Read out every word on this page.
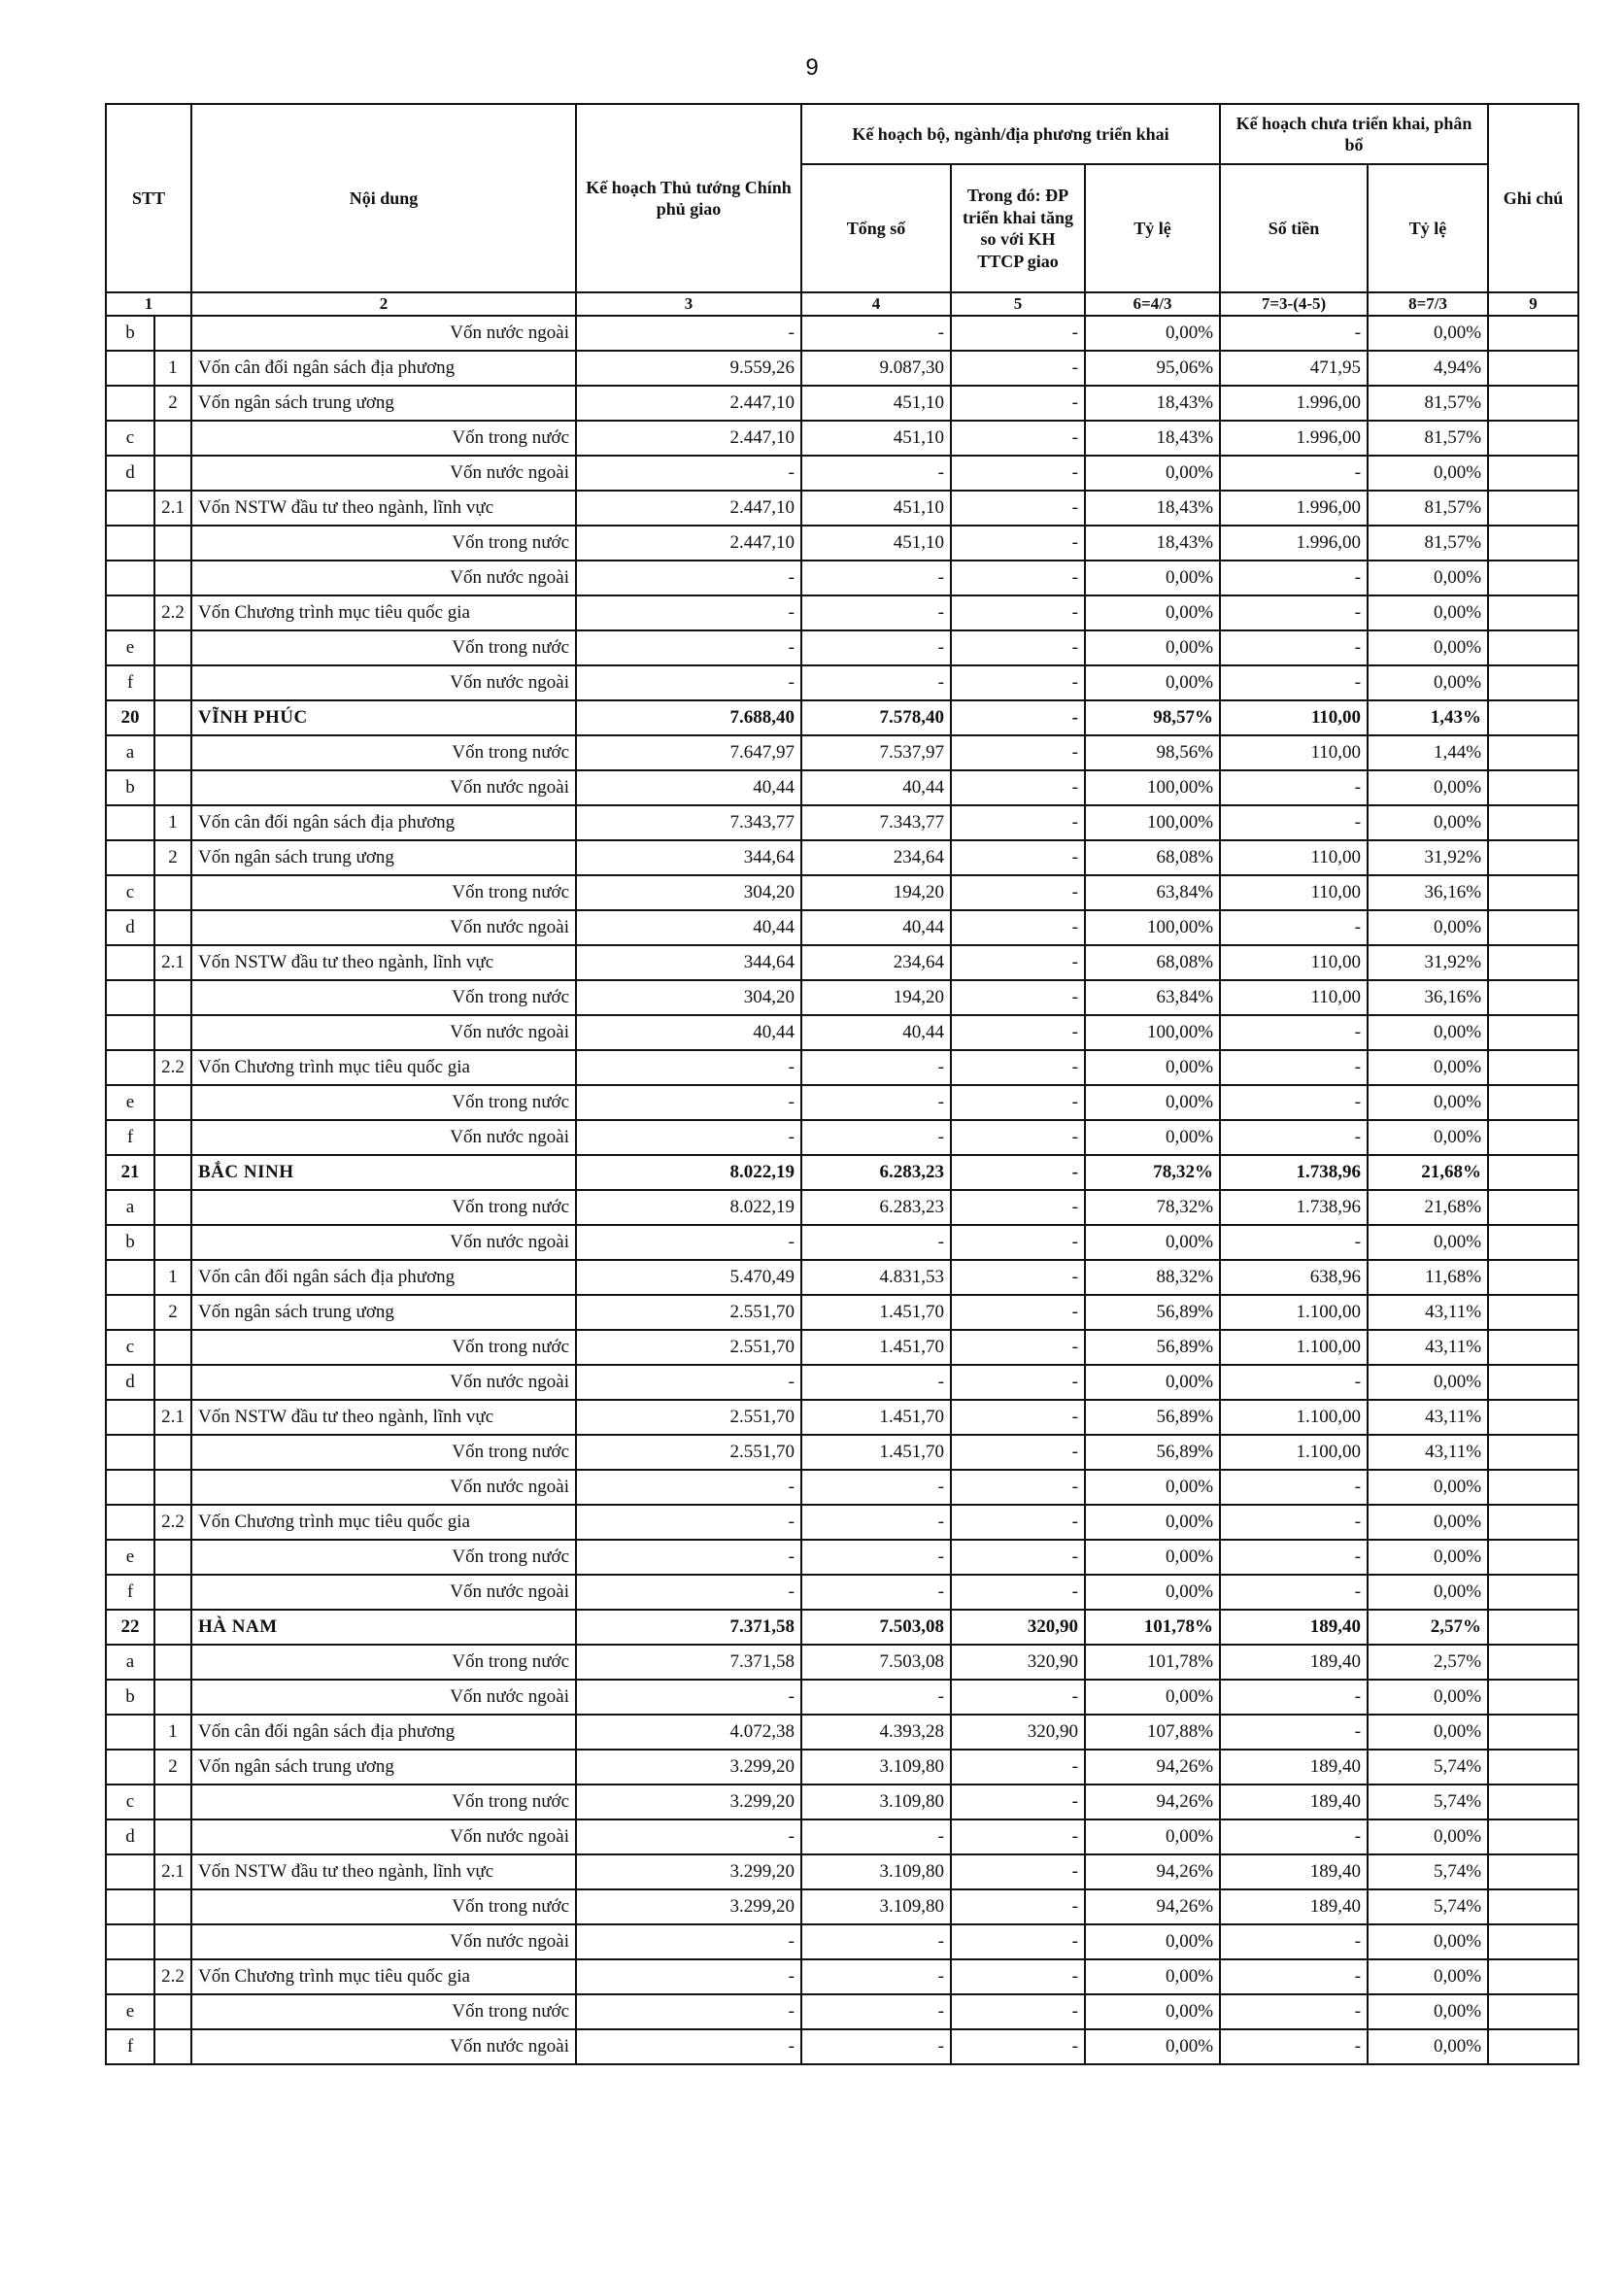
9
STT		Nội dung	Kế hoạch Thủ tướng Chính phủ giao	Kế hoạch bộ, ngành/địa phương triển khai			Kế hoạch chưa triển khai, phân bổ		Ghi chú
				Tổng số	Trong đó: ĐP triển khai tăng so với KH TTCP giao	Tỷ lệ	Số tiền	Tỷ lệ	
1		2	3	4	5	6=4/3	7=3-(4-5)	8=7/3	9
b		Vốn nước ngoài	-	-	-	0,00%	-	0,00%	
	1	Vốn cân đối ngân sách địa phương	9.559,26	9.087,30	-	95,06%	471,95	4,94%	
	2	Vốn ngân sách trung ương	2.447,10	451,10	-	18,43%	1.996,00	81,57%	
c		Vốn trong nước	2.447,10	451,10	-	18,43%	1.996,00	81,57%	
d		Vốn nước ngoài	-	-	-	0,00%	-	0,00%	
	2.1	Vốn NSTW đầu tư theo ngành, lĩnh vực	2.447,10	451,10	-	18,43%	1.996,00	81,57%	
		Vốn trong nước	2.447,10	451,10	-	18,43%	1.996,00	81,57%	
		Vốn nước ngoài	-	-	-	0,00%	-	0,00%	
	2.2	Vốn Chương trình mục tiêu quốc gia	-	-	-	0,00%	-	0,00%	
e		Vốn trong nước	-	-	-	0,00%	-	0,00%	
f		Vốn nước ngoài	-	-	-	0,00%	-	0,00%	
20		VĨNH PHÚC	7.688,40	7.578,40	-	98,57%	110,00	1,43%	
a		Vốn trong nước	7.647,97	7.537,97	-	98,56%	110,00	1,44%	
b		Vốn nước ngoài	40,44	40,44	-	100,00%	-	0,00%	
	1	Vốn cân đối ngân sách địa phương	7.343,77	7.343,77	-	100,00%	-	0,00%	
	2	Vốn ngân sách trung ương	344,64	234,64	-	68,08%	110,00	31,92%	
c		Vốn trong nước	304,20	194,20	-	63,84%	110,00	36,16%	
d		Vốn nước ngoài	40,44	40,44	-	100,00%	-	0,00%	
	2.1	Vốn NSTW đầu tư theo ngành, lĩnh vực	344,64	234,64	-	68,08%	110,00	31,92%	
		Vốn trong nước	304,20	194,20	-	63,84%	110,00	36,16%	
		Vốn nước ngoài	40,44	40,44	-	100,00%	-	0,00%	
	2.2	Vốn Chương trình mục tiêu quốc gia	-	-	-	0,00%	-	0,00%	
e		Vốn trong nước	-	-	-	0,00%	-	0,00%	
f		Vốn nước ngoài	-	-	-	0,00%	-	0,00%	
21		BẮC NINH	8.022,19	6.283,23	-	78,32%	1.738,96	21,68%	
a		Vốn trong nước	8.022,19	6.283,23	-	78,32%	1.738,96	21,68%	
b		Vốn nước ngoài	-	-	-	0,00%	-	0,00%	
	1	Vốn cân đối ngân sách địa phương	5.470,49	4.831,53	-	88,32%	638,96	11,68%	
	2	Vốn ngân sách trung ương	2.551,70	1.451,70	-	56,89%	1.100,00	43,11%	
c		Vốn trong nước	2.551,70	1.451,70	-	56,89%	1.100,00	43,11%	
d		Vốn nước ngoài	-	-	-	0,00%	-	0,00%	
	2.1	Vốn NSTW đầu tư theo ngành, lĩnh vực	2.551,70	1.451,70	-	56,89%	1.100,00	43,11%	
		Vốn trong nước	2.551,70	1.451,70	-	56,89%	1.100,00	43,11%	
		Vốn nước ngoài	-	-	-	0,00%	-	0,00%	
	2.2	Vốn Chương trình mục tiêu quốc gia	-	-	-	0,00%	-	0,00%	
e		Vốn trong nước	-	-	-	0,00%	-	0,00%	
f		Vốn nước ngoài	-	-	-	0,00%	-	0,00%	
22		HÀ NAM	7.371,58	7.503,08	320,90	101,78%	189,40	2,57%	
a		Vốn trong nước	7.371,58	7.503,08	320,90	101,78%	189,40	2,57%	
b		Vốn nước ngoài	-	-	-	0,00%	-	0,00%	
	1	Vốn cân đối ngân sách địa phương	4.072,38	4.393,28	320,90	107,88%	-	0,00%	
	2	Vốn ngân sách trung ương	3.299,20	3.109,80	-	94,26%	189,40	5,74%	
c		Vốn trong nước	3.299,20	3.109,80	-	94,26%	189,40	5,74%	
d		Vốn nước ngoài	-	-	-	0,00%	-	0,00%	
	2.1	Vốn NSTW đầu tư theo ngành, lĩnh vực	3.299,20	3.109,80	-	94,26%	189,40	5,74%	
		Vốn trong nước	3.299,20	3.109,80	-	94,26%	189,40	5,74%	
		Vốn nước ngoài	-	-	-	0,00%	-	0,00%	
	2.2	Vốn Chương trình mục tiêu quốc gia	-	-	-	0,00%	-	0,00%	
e		Vốn trong nước	-	-	-	0,00%	-	0,00%	
f		Vốn nước ngoài	-	-	-	0,00%	-	0,00%	
